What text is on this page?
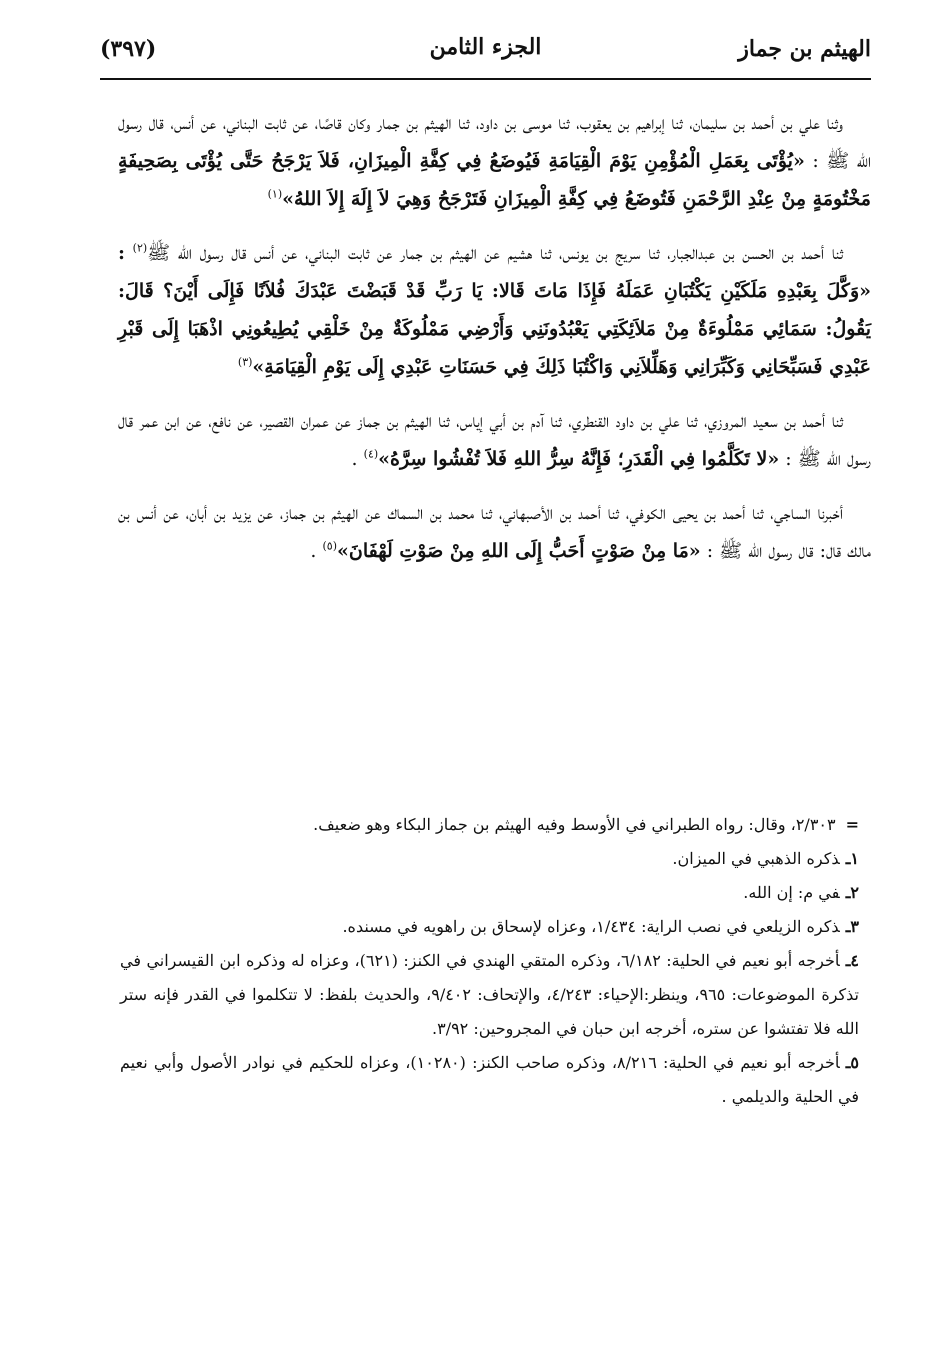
الهيثم بن جماز
الجزء الثامن
(٣٩٧)

وثنا علي بن أحمد بن سليمان، ثنا إبراهيم بن يعقوب، ثنا موسى بن داود، ثنا الهيثم بن جمار وكان قاصًا، عن ثابت البناني، عن أنس، قال رسول الله ﷺ : «يُؤْتَى بِعَمَلِ الْمُؤْمِنِ يَوْمَ الْقِيَامَةِ فَيُوضَعُ فِي كِفَّةِ الْمِيزَانِ، فَلاَ يَرْجَحُ حَتَّى يُؤْتَى بِصَحِيفَةٍ مَخْتُومَةٍ مِنْ عِنْدِ الرَّحْمَنِ فَتُوضَعُ فِي كِفَّةِ الْمِيزَانِ فَتَرْجَحُ وَهِيَ لاَ إِلَهَ إِلاَ اللهُ»$^{(١)}$

ثنا أحمد بن الحسن بن عبدالجبار، ثنا سريج بن يونس، ثنا هشيم عن الهيثم بن جمار عن ثابت البناني، عن أنس قال رسول الله ﷺ$^{(٢)}$ : «وَكَّلَ بِعَبْدِهِ مَلَكَيْنِ يَكْتُبَانِ عَمَلَهُ فَإِذَا مَاتَ قَالا: يَا رَبِّ قَدْ قَبَضْتَ عَبْدَكَ فُلاَنًا فَإِلَى أَيْنَ؟ قَالَ: يَقُولُ: سَمَائِي مَمْلُوءَةٌ مِنْ مَلاَئِكَتِي يَعْبُدُونَنِي وَأَرْضِي مَمْلُوكَةٌ مِنْ خَلْقِي يُطِيعُونِي اذْهَبَا إِلَى قَبْرِ عَبْدِي فَسَبِّحَانِي وَكَبِّرَانِي وَهَلِّلاَنِي وَاكْتُبَا ذَلِكَ فِي حَسَنَاتِ عَبْدِي إِلَى يَوْمِ الْقِيَامَةِ»$^{(٣)}$

ثنا أحمد بن سعيد المروزي، ثنا علي بن داود القنطري، ثنا آدم بن أبي إياس، ثنا الهيثم بن جماز عن عمران القصير، عن نافع، عن ابن عمر قال رسول الله ﷺ : «لا تَكَلَّمُوا فِي الْقَدَرِ؛ فَإِنَّهُ سِرُّ اللهِ فَلاَ تُفْشُوا سِرَّهُ»$^{(٤)}$ .

أخبرنا الساجي، ثنا أحمد بن يحيى الكوفي، ثنا أحمد بن الأصبهاني، ثنا محمد بن السماك عن الهيثم بن جماز، عن يزيد بن أبان، عن أنس بن مالك قال: قال رسول الله ﷺ : «مَا مِنْ صَوْتٍ أَحَبُّ إِلَى اللهِ مِنْ صَوْتِ لَهْفَانَ»$^{(٥)}$ .

=
٢/٣٠٣، وقال: رواه الطبراني في الأوسط وفيه الهيثم بن جماز البكاء وهو ضعيف.

١ـذكره الذهبي في الميزان.

٢ـفي م: إن الله.

٣ـذكره الزيلعي في نصب الراية: ١/٤٣٤، وعزاه لإسحاق بن راهويه في مسنده.

٤ـأخرجه أبو نعيم في الحلية: ٦/١٨٢، وذكره المتقي الهندي في الكنز: (٦٢١)، وعزاه له وذكره ابن القيسراني في تذكرة الموضوعات: ٩٦٥، وينظر:الإحياء: ٤/٢٤٣، والإتحاف: ٩/٤٠٢، والحديث بلفظ: لا تتكلموا في القدر فإنه ستر الله فلا تفتشوا عن ستره، أخرجه ابن حبان في المجروحين: ٣/٩٢.

٥ـأخرجه أبو نعيم في الحلية: ٨/٢١٦، وذكره صاحب الكنز: (١٠٢٨٠)، وعزاه للحكيم في نوادر الأصول وأبي نعيم في الحلية والديلمي .
